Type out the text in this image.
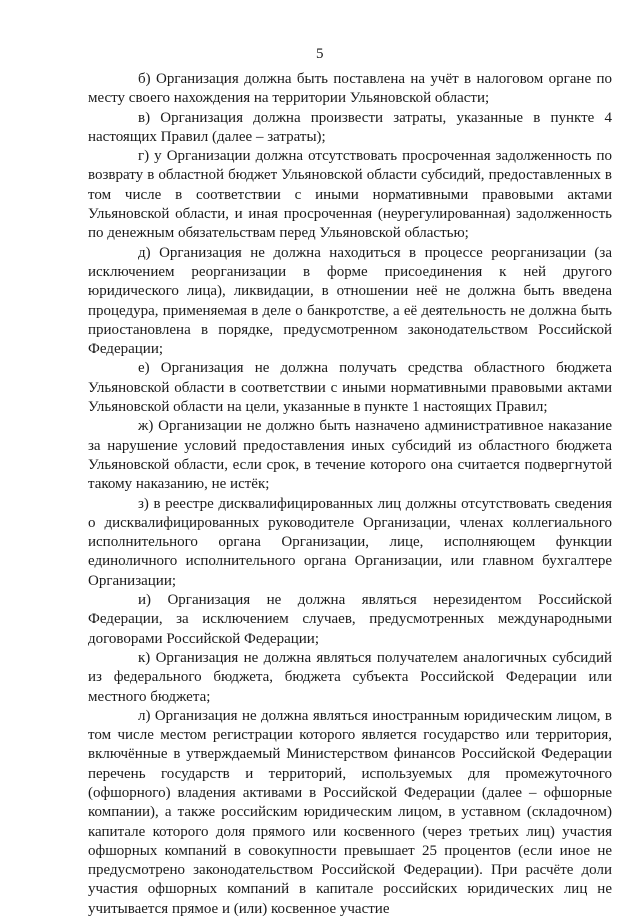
5

б) Организация должна быть поставлена на учёт в налоговом органе по месту своего нахождения на территории Ульяновской области;

в) Организация должна произвести затраты, указанные в пункте 4 настоящих Правил (далее – затраты);

г) у Организации должна отсутствовать просроченная задолженность по возврату в областной бюджет Ульяновской области субсидий, предоставленных в том числе в соответствии с иными нормативными правовыми актами Ульяновской области, и иная просроченная (неурегулированная) задолженность по денежным обязательствам перед Ульяновской областью;

д) Организация не должна находиться в процессе реорганизации (за исключением реорганизации в форме присоединения к ней другого юридического лица), ликвидации, в отношении неё не должна быть введена процедура, применяемая в деле о банкротстве, а её деятельность не должна быть приостановлена в порядке, предусмотренном законодательством Российской Федерации;

е) Организация не должна получать средства областного бюджета Ульяновской области в соответствии с иными нормативными правовыми актами Ульяновской области на цели, указанные в пункте 1 настоящих Правил;

ж) Организации не должно быть назначено административное наказание за нарушение условий предоставления иных субсидий из областного бюджета Ульяновской области, если срок, в течение которого она считается подвергнутой такому наказанию, не истёк;

з) в реестре дисквалифицированных лиц должны отсутствовать сведения о дисквалифицированных руководителе Организации, членах коллегиального исполнительного органа Организации, лице, исполняющем функции единоличного исполнительного органа Организации, или главном бухгалтере Организации;

и) Организация не должна являться нерезидентом Российской Федерации, за исключением случаев, предусмотренных международными договорами Российской Федерации;

к) Организация не должна являться получателем аналогичных субсидий из федерального бюджета, бюджета субъекта Российской Федерации или местного бюджета;

л) Организация не должна являться иностранным юридическим лицом, в том числе местом регистрации которого является государство или территория, включённые в утверждаемый Министерством финансов Российской Федерации перечень государств и территорий, используемых для промежуточного (офшорного) владения активами в Российской Федерации (далее – офшорные компании), а также российским юридическим лицом, в уставном (складочном) капитале которого доля прямого или косвенного (через третьих лиц) участия офшорных компаний в совокупности превышает 25 процентов (если иное не предусмотрено законодательством Российской Федерации). При расчёте доли участия офшорных компаний в капитале российских юридических лиц не учитывается прямое и (или) косвенное участие
